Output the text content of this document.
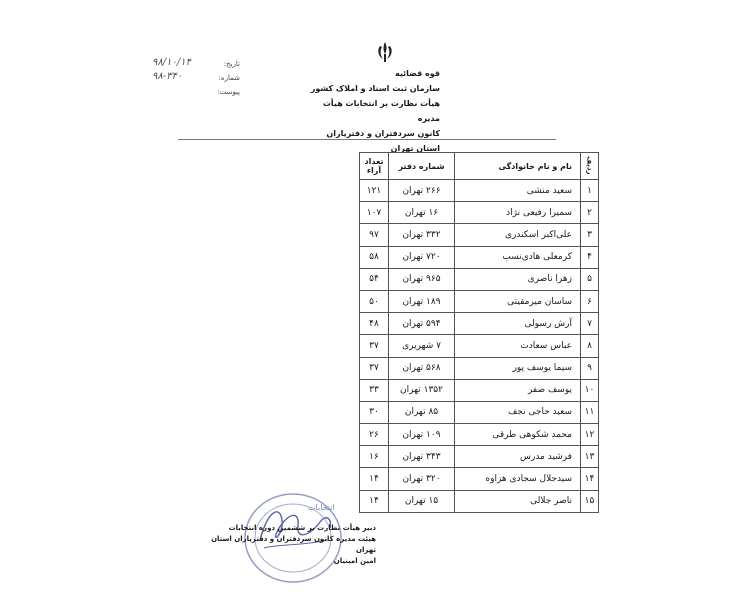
قوه قضائیه
سازمان ثبت اسناد و املاک کشور
هیأت نظارت بر انتخابات هیأت مدیره
کانون سردفتران و دفتریاران استان تهران
تاریخ:
۹۸/۱۰/۱۴
شماره:
۹۸-۳۴۰
پیوست:
ردیف	نام و نام خانوادگی	شماره دفتر	تعداد آراء
۱	سعید منشی	۲۶۶ تهران	۱۲۱
۲	سمیرا رفیعی نژاد	۱۶ تهران	۱۰۷
۳	علی‌اکبر اسکندری	۳۳۲ تهران	۹۷
۴	کرمعلی هادی‌نسب	۷۲۰ تهران	۵۸
۵	زهرا ناصری	۹۶۵ تهران	۵۴
۶	ساسان میرمقیتی	۱۸۹ تهران	۵۰
۷	آرش رسولی	۵۹۴ تهران	۴۸
۸	عباس سعادت	۷ شهریری	۳۷
۹	سیما یوسف پور	۵۶۸ تهران	۳۷
۱۰	یوسف صفر	۱۳۵۲ تهران	۳۳
۱۱	سعید حاجی نجف	۸۵ تهران	۳۰
۱۲	محمد شکوهی طرقی	۱۰۹ تهران	۲۶
۱۳	فرشید مدرس	۳۴۳ تهران	۱۶
۱۴	سیدجلال سجادی هزاوه	۳۲۰ تهران	۱۴
۱۵	ناصر جلالی	۱۵ تهران	۱۴
انتخابات
دبیر هیأت نظارت بر ششمین دوره انتخابات
هیئت مدیره کانون سردفتران و دفتریاران استان تهران
امین امینیان
